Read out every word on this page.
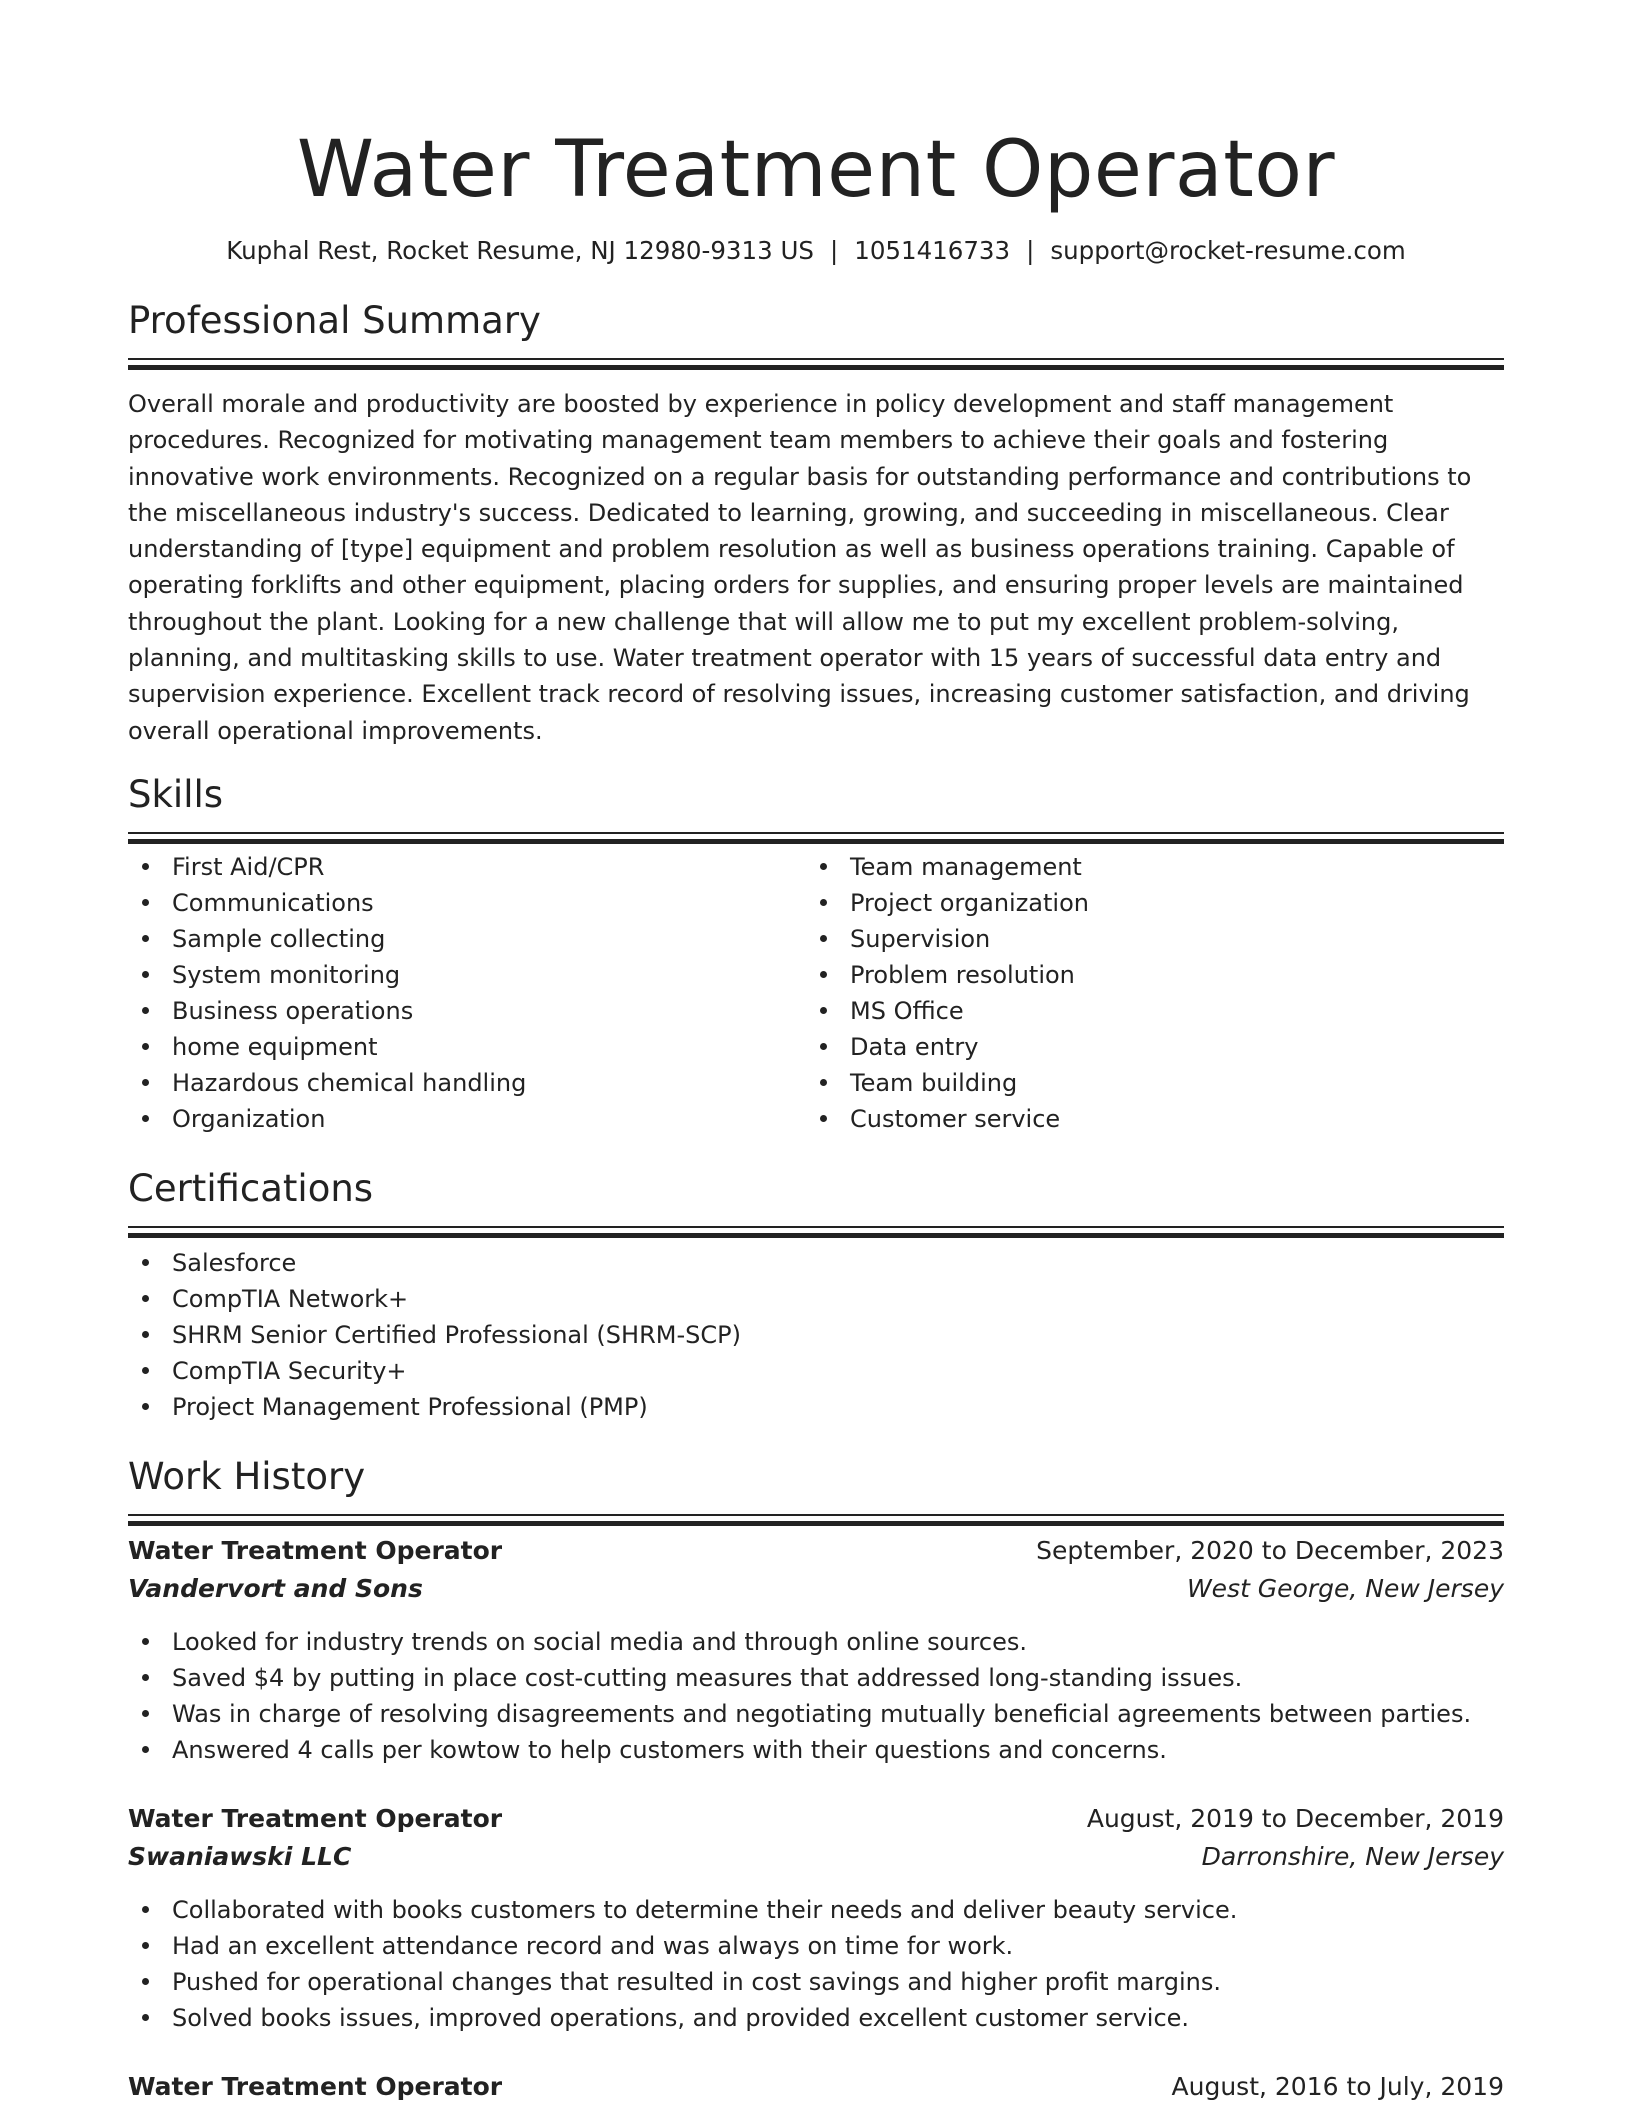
Water Treatment Operator
Kuphal Rest, Rocket Resume, NJ 12980-9313 US | 1051416733 | support@rocket-resume.com
Professional Summary

Overall morale and productivity are boosted by experience in policy development and staff management procedures. Recognized for motivating management team members to achieve their goals and fostering innovative work environments. Recognized on a regular basis for outstanding performance and contributions to the miscellaneous industry's success. Dedicated to learning, growing, and succeeding in miscellaneous. Clear understanding of [type] equipment and problem resolution as well as business operations training. Capable of operating forklifts and other equipment, placing orders for supplies, and ensuring proper levels are maintained throughout the plant. Looking for a new challenge that will allow me to put my excellent problem-solving, planning, and multitasking skills to use. Water treatment operator with 15 years of successful data entry and supervision experience. Excellent track record of resolving issues, increasing customer satisfaction, and driving overall operational improvements.

Skills
First Aid/CPR
Communications
Sample collecting
System monitoring
Business operations
home equipment
Hazardous chemical handling
Organization
Team management
Project organization
Supervision
Problem resolution
MS Office
Data entry
Team building
Customer service
Certifications
Salesforce
CompTIA Network+
SHRM Senior Certified Professional (SHRM-SCP)
CompTIA Security+
Project Management Professional (PMP)
Work History
Water Treatment Operator	September, 2020 to December, 2023
Vandervort and Sons	West George, New Jersey
Looked for industry trends on social media and through online sources.
Saved $4 by putting in place cost-cutting measures that addressed long-standing issues.
Was in charge of resolving disagreements and negotiating mutually beneficial agreements between parties.
Answered 4 calls per kowtow to help customers with their questions and concerns.
Water Treatment Operator	August, 2019 to December, 2019
Swaniawski LLC	Darronshire, New Jersey
Collaborated with books customers to determine their needs and deliver beauty service.
Had an excellent attendance record and was always on time for work.
Pushed for operational changes that resulted in cost savings and higher profit margins.
Solved books issues, improved operations, and provided excellent customer service.
Water Treatment Operator	August, 2016 to July, 2019
